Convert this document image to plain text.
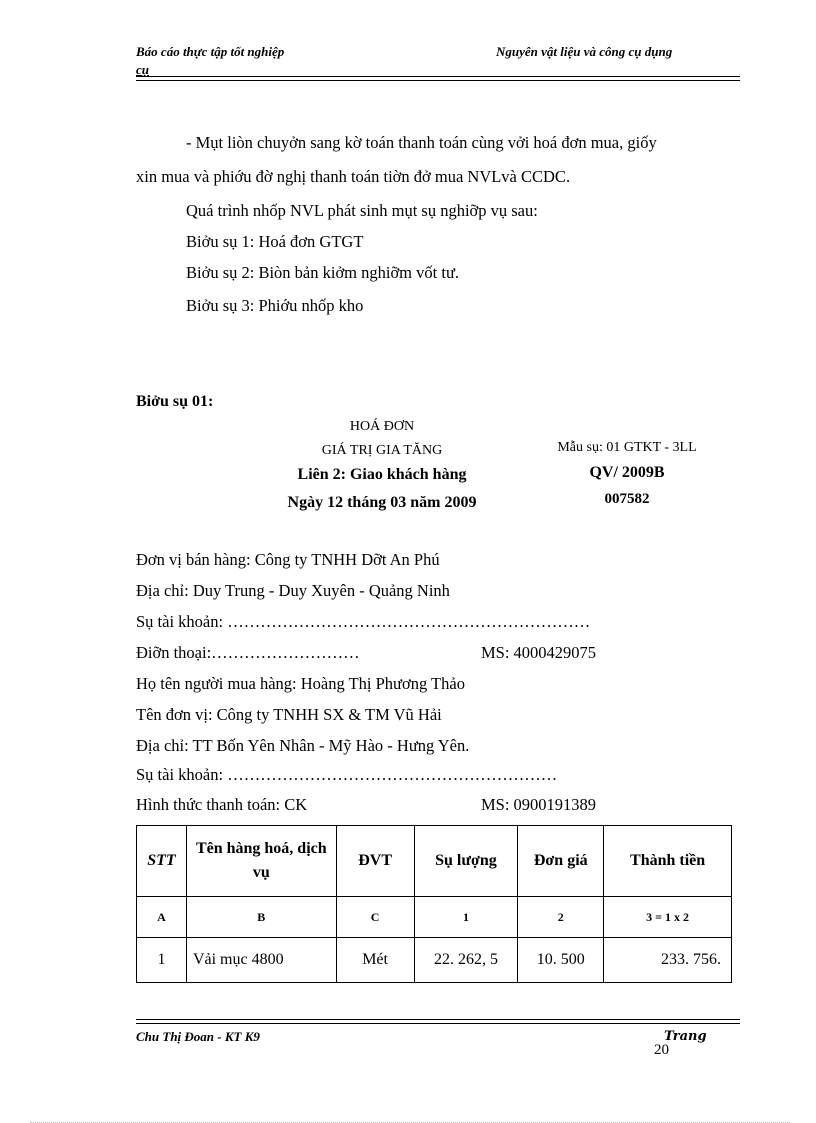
Báo cáo thực tập tốt nghiệp
cụ
Nguyên vật liệu và công cụ dụng
- Mụt liòn chuyởn sang kờ toán thanh toán cùng vởi hoá đơn mua, giốy
xin mua và phiớu đờ nghị thanh toán tiờn đở mua NVLvà CCDC.
Quá trình nhốp NVL phát sinh mụt sụ nghiỡp vụ sau:
Biởu sụ 1: Hoá đơn GTGT
Biởu sụ 2: Biòn bản kiởm nghiỡm vốt tư.
Biởu sụ 3: Phiớu nhốp kho
Biởu sụ 01:
HOÁ ĐƠN
GIÁ TRỊ GIA TĂNG
Liên 2: Giao khách hàng
Ngày 12 tháng 03 năm 2009
Mẫu sụ: 01 GTKT - 3LL
QV/ 2009B
007582
Đơn vị bán hàng: Công ty TNHH Dỡt An Phú
Địa chỉ: Duy Trung - Duy Xuyên - Quảng Ninh
Sụ tài khoản: …………………………………………………………
Điỡn thoại:………………………	MS: 4000429075
Họ tên người mua hàng: Hoàng Thị Phương Thảo
Tên đơn vị: Công ty TNHH SX & TM Vũ Hải
Địa chỉ: TT Bốn Yên Nhân - Mỹ Hào - Hưng Yên.
Sụ tài khoản: ……………………………………………………
Hình thức thanh toán: CK	MS: 0900191389
STT	Tên hàng hoá, dịch vụ	ĐVT	Sụ lượng	Đơn giá	Thành tiền
A	B	C	1	2	3 = 1 x 2
1	Vải mục 4800	Mét	22. 262, 5	10. 500	233. 756.
Chu Thị Đoan - KT K9	Trang
20
